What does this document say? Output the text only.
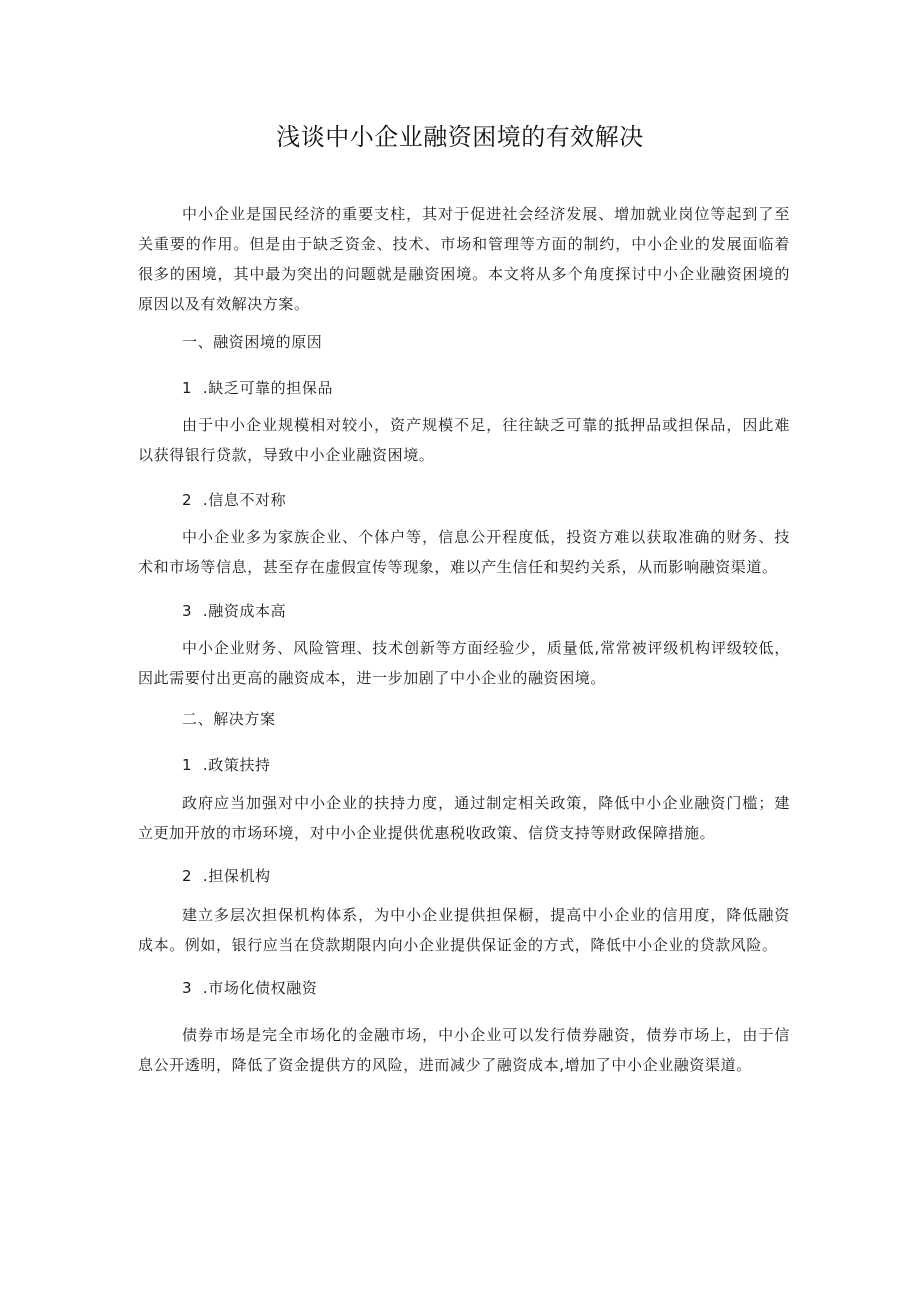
浅谈中小企业融资困境的有效解决

中小企业是国民经济的重要支柱，其对于促进社会经济发展、增加就业岗位等起到了至关重要的作用。但是由于缺乏资金、技术、市场和管理等方面的制约，中小企业的发展面临着很多的困境，其中最为突出的问题就是融资困境。本文将从多个角度探讨中小企业融资困境的原因以及有效解决方案。

一、融资困境的原因

1  .缺乏可靠的担保品

由于中小企业规模相对较小，资产规模不足，往往缺乏可靠的抵押品或担保品，因此难以获得银行贷款，导致中小企业融资困境。

2  .信息不对称

中小企业多为家族企业、个体户等，信息公开程度低，投资方难以获取准确的财务、技术和市场等信息，甚至存在虚假宣传等现象，难以产生信任和契约关系，从而影响融资渠道。

3  .融资成本高

中小企业财务、风险管理、技术创新等方面经验少，质量低,常常被评级机构评级较低，因此需要付出更高的融资成本，进一步加剧了中小企业的融资困境。

二、解决方案

1  .政策扶持

政府应当加强对中小企业的扶持力度，通过制定相关政策，降低中小企业融资门槛；建立更加开放的市场环境，对中小企业提供优惠税收政策、信贷支持等财政保障措施。

2  .担保机构

建立多层次担保机构体系，为中小企业提供担保橱，提高中小企业的信用度，降低融资成本。例如，银行应当在贷款期限内向小企业提供保证金的方式，降低中小企业的贷款风险。

3  .市场化债权融资

债券市场是完全市场化的金融市场，中小企业可以发行债券融资，债券市场上，由于信息公开透明，降低了资金提供方的风险，进而减少了融资成本,增加了中小企业融资渠道。
